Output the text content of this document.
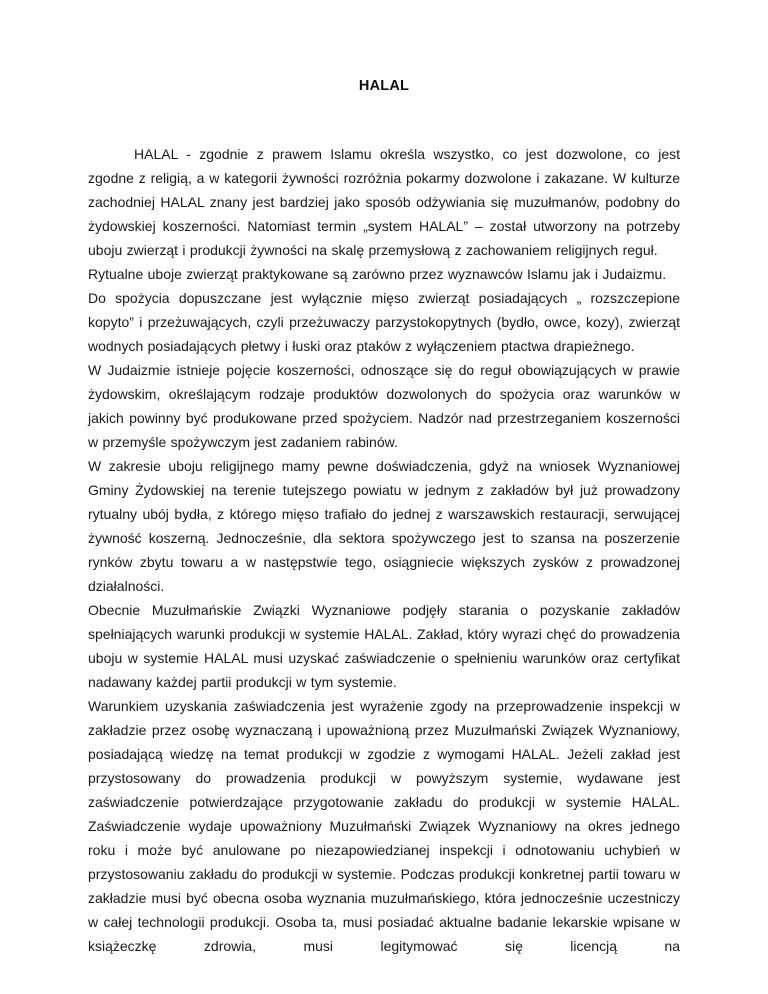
HALAL

HALAL - zgodnie z prawem Islamu określa wszystko, co jest dozwolone, co jest zgodne z religią, a w kategorii żywności rozróżnia pokarmy dozwolone i zakazane. W kulturze zachodniej HALAL znany jest bardziej jako sposób odżywiania się muzułmanów, podobny do żydowskiej koszerności. Natomiast termin „system HALAL” – został utworzony na potrzeby uboju zwierząt i produkcji żywności na skalę przemysłową z zachowaniem religijnych reguł.

Rytualne uboje zwierząt praktykowane są zarówno przez wyznawców Islamu jak i Judaizmu.

Do spożycia dopuszczane jest wyłącznie mięso zwierząt posiadających „ rozszczepione kopyto” i przeżuwających, czyli przeżuwaczy parzystokopytnych (bydło, owce, kozy), zwierząt wodnych posiadających płetwy i łuski oraz ptaków z wyłączeniem ptactwa drapieżnego.

W Judaizmie istnieje pojęcie koszerności, odnoszące się do reguł obowiązujących w prawie żydowskim, określającym rodzaje produktów dozwolonych do spożycia oraz warunków w jakich powinny być produkowane przed spożyciem. Nadzór nad przestrzeganiem koszerności w przemyśle spożywczym jest zadaniem rabinów.

W zakresie uboju religijnego mamy pewne doświadczenia, gdyż na wniosek Wyznaniowej Gminy Żydowskiej na terenie tutejszego powiatu w jednym z zakładów był już prowadzony rytualny ubój bydła, z którego mięso trafiało do jednej z warszawskich restauracji, serwującej żywność koszerną. Jednocześnie, dla sektora spożywczego jest to szansa na poszerzenie rynków zbytu towaru a w następstwie tego, osiągniecie większych zysków z prowadzonej działalności.

Obecnie Muzułmańskie Związki Wyznaniowe podjęły starania o pozyskanie zakładów spełniających warunki produkcji w systemie HALAL. Zakład, który wyrazi chęć do prowadzenia uboju w systemie HALAL musi uzyskać zaświadczenie o spełnieniu warunków oraz certyfikat nadawany każdej partii produkcji w tym systemie.

Warunkiem uzyskania zaświadczenia jest wyrażenie zgody na przeprowadzenie inspekcji w zakładzie przez osobę wyznaczaną i upoważnioną przez Muzułmański Związek Wyznaniowy, posiadającą wiedzę na temat produkcji w zgodzie z wymogami HALAL. Jeżeli zakład jest przystosowany do prowadzenia produkcji w powyższym systemie, wydawane jest zaświadczenie potwierdzające przygotowanie zakładu do produkcji w systemie HALAL. Zaświadczenie wydaje upoważniony Muzułmański Związek Wyznaniowy na okres jednego roku i może być anulowane po niezapowiedzianej inspekcji i odnotowaniu uchybień w przystosowaniu zakładu do produkcji w systemie. Podczas produkcji konkretnej partii towaru w zakładzie musi być obecna osoba wyznania muzułmańskiego, która jednocześnie uczestniczy w całej technologii produkcji. Osoba ta, musi posiadać aktualne badanie lekarskie wpisane w książeczkę zdrowia, musi legitymować się licencją na
